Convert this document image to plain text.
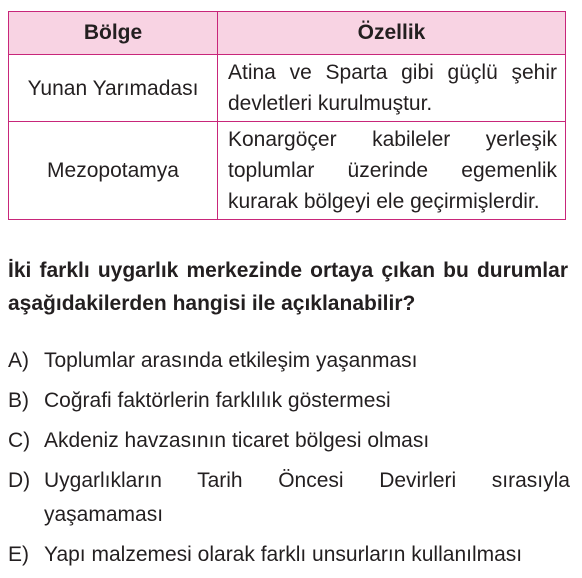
Bölge	Özellik
Yunan Yarımadası	Atina ve Sparta gibi güçlü şehir devletleri kurulmuştur.
Mezopotamya	Konargöçer kabileler yerleşik toplumlar üzerinde egemenlik kurarak bölgeyi ele geçirmişlerdir.

İki farklı uygarlık merkezinde ortaya çıkan bu durumlar aşağıdakilerden hangisi ile açıklanabilir?

A) Toplumlar arasında etkileşim yaşanması
B) Coğrafi faktörlerin farklılık göstermesi
C) Akdeniz havzasının ticaret bölgesi olması
D) Uygarlıkların Tarih Öncesi Devirleri sırasıyla yaşamaması
E) Yapı malzemesi olarak farklı unsurların kullanılması
